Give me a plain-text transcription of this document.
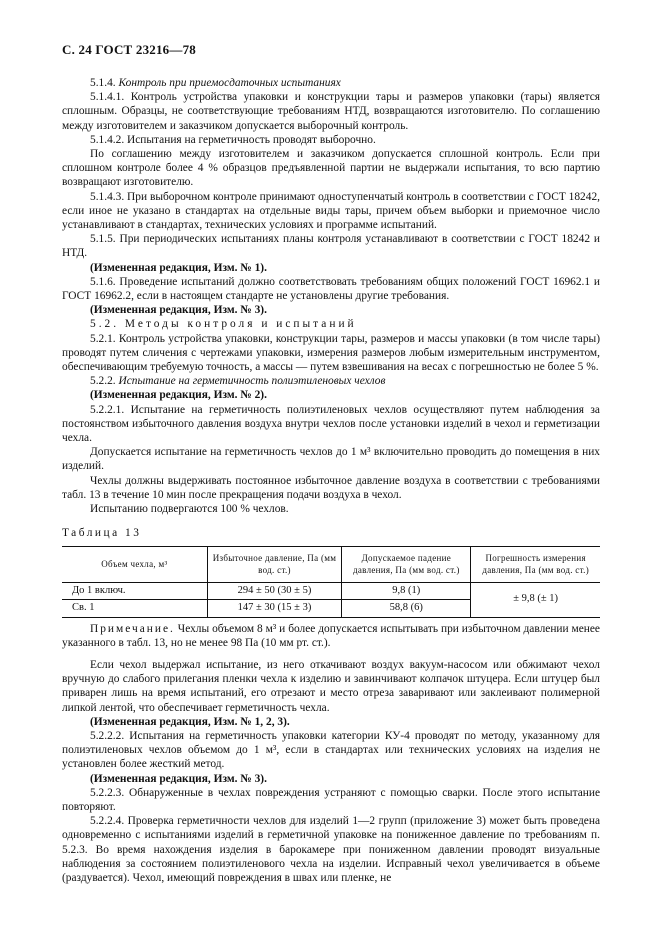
С. 24 ГОСТ 23216—78

5.1.4. Контроль при приемосдаточных испытаниях

5.1.4.1. Контроль устройства упаковки и конструкции тары и размеров упаковки (тары) является сплошным. Образцы, не соответствующие требованиям НТД, возвращаются изготовителю. По соглашению между изготовителем и заказчиком допускается выборочный контроль.

5.1.4.2. Испытания на герметичность проводят выборочно.

По соглашению между изготовителем и заказчиком допускается сплошной контроль. Если при сплошном контроле более 4 % образцов предъявленной партии не выдержали испытания, то всю партию возвращают изготовителю.

5.1.4.3. При выборочном контроле принимают одноступенчатый контроль в соответствии с ГОСТ 18242, если иное не указано в стандартах на отдельные виды тары, причем объем выборки и приемочное число устанавливают в стандартах, технических условиях и программе испытаний.

5.1.5. При периодических испытаниях планы контроля устанавливают в соответствии с ГОСТ 18242 и НТД.

(Измененная редакция, Изм. № 1).

5.1.6. Проведение испытаний должно соответствовать требованиям общих положений ГОСТ 16962.1 и ГОСТ 16962.2, если в настоящем стандарте не установлены другие требования.

(Измененная редакция, Изм. № 3).

5.2. Методы контроля и испытаний

5.2.1. Контроль устройства упаковки, конструкции тары, размеров и массы упаковки (в том числе тары) проводят путем сличения с чертежами упаковки, измерения размеров любым измерительным инструментом, обеспечивающим требуемую точность, а массы — путем взвешивания на весах с погрешностью не более 5 %.

5.2.2. Испытание на герметичность полиэтиленовых чехлов

(Измененная редакция, Изм. № 2).

5.2.2.1. Испытание на герметичность полиэтиленовых чехлов осуществляют путем наблюдения за постоянством избыточного давления воздуха внутри чехлов после установки изделий в чехол и герметизации чехла.

Допускается испытание на герметичность чехлов до 1 м³ включительно проводить до помещения в них изделий.

Чехлы должны выдерживать постоянное избыточное давление воздуха в соответствии с требованиями табл. 13 в течение 10 мин после прекращения подачи воздуха в чехол.

Испытанию подвергаются 100 % чехлов.

Таблица 13

Объем чехла, м³	Избыточное давление, Па (мм вод. ст.)	Допускаемое падение давления, Па (мм вод. ст.)	Погрешность измерения давления, Па (мм вод. ст.)
До 1 включ.	294 ± 50 (30 ± 5)	9,8 (1)	± 9,8 (± 1)
Св. 1	147 ± 30 (15 ± 3)	58,8 (6)	

Примечание. Чехлы объемом 8 м³ и более допускается испытывать при избыточном давлении менее указанного в табл. 13, но не менее 98 Па (10 мм рт. ст.).

Если чехол выдержал испытание, из него откачивают воздух вакуум-насосом или обжимают чехол вручную до слабого прилегания пленки чехла к изделию и завинчивают колпачок штуцера. Если штуцер был приварен лишь на время испытаний, его отрезают и место отреза заваривают или заклеивают полимерной липкой лентой, что обеспечивает герметичность чехла.

(Измененная редакция, Изм. № 1, 2, 3).

5.2.2.2. Испытания на герметичность упаковки категории КУ-4 проводят по методу, указанному для полиэтиленовых чехлов объемом до 1 м³, если в стандартах или технических условиях на изделия не установлен более жесткий метод.

(Измененная редакция, Изм. № 3).

5.2.2.3. Обнаруженные в чехлах повреждения устраняют с помощью сварки. После этого испытание повторяют.

5.2.2.4. Проверка герметичности чехлов для изделий 1—2 групп (приложение 3) может быть проведена одновременно с испытаниями изделий в герметичной упаковке на пониженное давление по требованиям п. 5.2.3. Во время нахождения изделия в барокамере при пониженном давлении проводят визуальные наблюдения за состоянием полиэтиленового чехла на изделии. Исправный чехол увеличивается в объеме (раздувается). Чехол, имеющий повреждения в швах или пленке, не
